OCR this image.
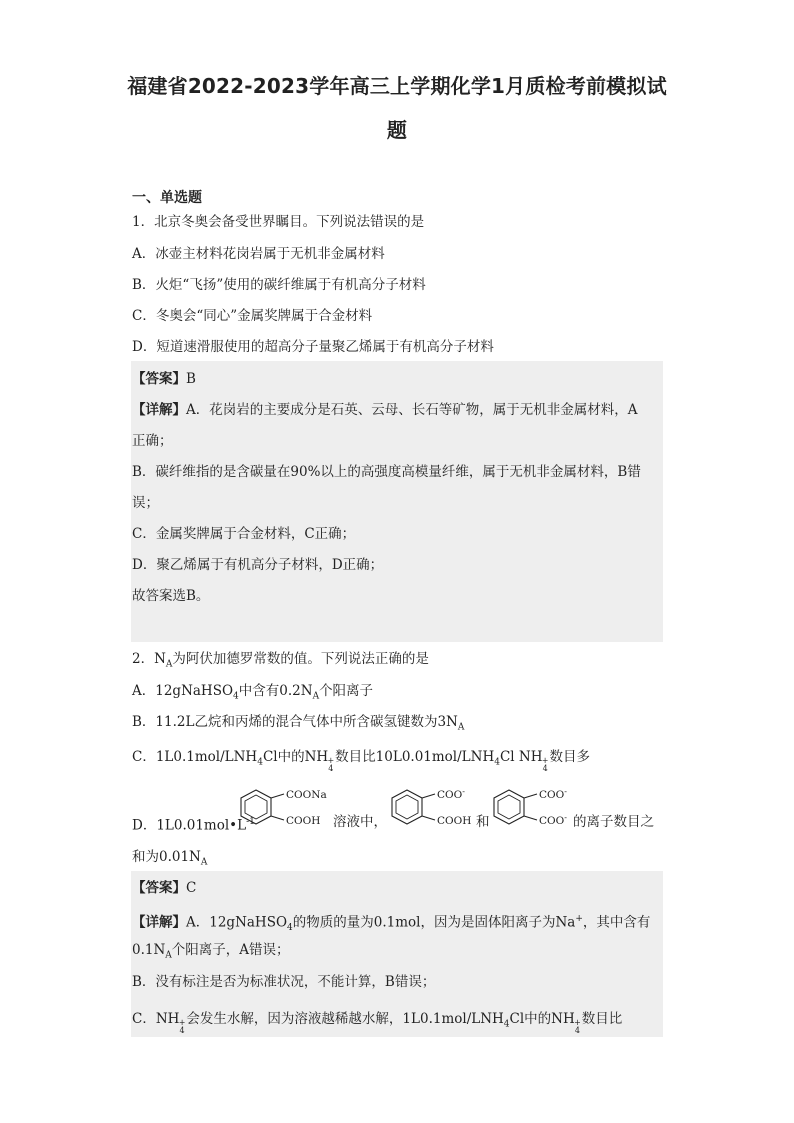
福建省2022-2023学年高三上学期化学1月质检考前模拟试
题
一、单选题
1．北京冬奥会备受世界瞩目。下列说法错误的是
A．冰壶主材料花岗岩属于无机非金属材料
B．火炬“飞扬”使用的碳纤维属于有机高分子材料
C．冬奥会“同心”金属奖牌属于合金材料
D．短道速滑服使用的超高分子量聚乙烯属于有机高分子材料
【答案】B
【详解】A．花岗岩的主要成分是石英、云母、长石等矿物，属于无机非金属材料，A
正确；
B．碳纤维指的是含碳量在90%以上的高强度高模量纤维，属于无机非金属材料，B错
误；
C．金属奖牌属于合金材料，C正确；
D．聚乙烯属于有机高分子材料，D正确；
故答案选B。
2．$N_A$为阿伏加德罗常数的值。下列说法正确的是
A．12gNaHSO$_4$中含有$0.2N_A$个阳离子
B．11.2L乙烷和丙烯的混合气体中所含碳氢键数为$3N_A$
C．$1L0.1mol/LNH_4Cl$中的NH +
4
数目比$10L0.01mol/LNH_4Cl$ NH +
4
数目多
D．$1L0.01mol•L^{-1}$
COONa
COOH 溶液中，
COO-
COOH 和
COO-
COO- 的离子数目之
和为$0.01N_A$
【答案】C
【详解】A．12gNaHSO$_4$的物质的量为0.1mol，因为是固体阳离子为Na+，其中含有
$0.1N_A$个阳离子，A错误；
B．没有标注是否为标准状况，不能计算，B错误；
C．NH +
4
会发生水解，因为溶液越稀越水解，$1L0.1mol/LNH_4Cl$中的NH +
4
数目比
